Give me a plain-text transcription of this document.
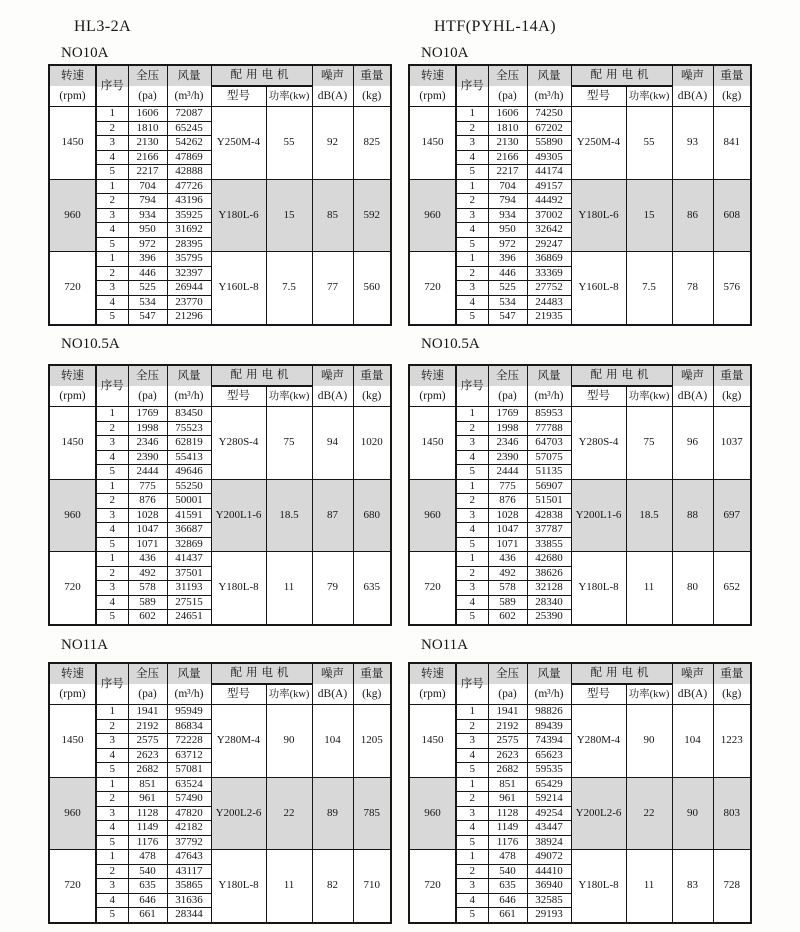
HL3-2A
NO10A
转速	序号	全压	风量	配用电机		噪声	重量
(rpm)		(pa)	(m³/h)	型号	功率(kw)	dB(A)	(kg)
1450	1	1606	72087	Y250M-4	55	92	825
	2	1810	65245				
	3	2130	54262				
	4	2166	47869				
	5	2217	42888				
960	1	704	47726	Y180L-6	15	85	592
	2	794	43196				
	3	934	35925				
	4	950	31692				
	5	972	28395				
720	1	396	35795	Y160L-8	7.5	77	560
	2	446	32397				
	3	525	26944				
	4	534	23770				
	5	547	21296				
NO10.5A
转速	序号	全压	风量	配用电机		噪声	重量
(rpm)		(pa)	(m³/h)	型号	功率(kw)	dB(A)	(kg)
1450	1	1769	83450	Y280S-4	75	94	1020
	2	1998	75523				
	3	2346	62819				
	4	2390	55413				
	5	2444	49646				
960	1	775	55250	Y200L1-6	18.5	87	680
	2	876	50001				
	3	1028	41591				
	4	1047	36687				
	5	1071	32869				
720	1	436	41437	Y180L-8	11	79	635
	2	492	37501				
	3	578	31193				
	4	589	27515				
	5	602	24651				
NO11A
转速	序号	全压	风量	配用电机		噪声	重量
(rpm)		(pa)	(m³/h)	型号	功率(kw)	dB(A)	(kg)
1450	1	1941	95949	Y280M-4	90	104	1205
	2	2192	86834				
	3	2575	72228				
	4	2623	63712				
	5	2682	57081				
960	1	851	63524	Y200L2-6	22	89	785
	2	961	57490				
	3	1128	47820				
	4	1149	42182				
	5	1176	37792				
720	1	478	47643	Y180L-8	11	82	710
	2	540	43117				
	3	635	35865				
	4	646	31636				
	5	661	28344				
HTF(PYHL-14A)
NO10A
转速	序号	全压	风量	配用电机		噪声	重量
(rpm)		(pa)	(m³/h)	型号	功率(kw)	dB(A)	(kg)
1450	1	1606	74250	Y250M-4	55	93	841
	2	1810	67202				
	3	2130	55890				
	4	2166	49305				
	5	2217	44174				
960	1	704	49157	Y180L-6	15	86	608
	2	794	44492				
	3	934	37002				
	4	950	32642				
	5	972	29247				
720	1	396	36869	Y160L-8	7.5	78	576
	2	446	33369				
	3	525	27752				
	4	534	24483				
	5	547	21935				
NO10.5A
转速	序号	全压	风量	配用电机		噪声	重量
(rpm)		(pa)	(m³/h)	型号	功率(kw)	dB(A)	(kg)
1450	1	1769	85953	Y280S-4	75	96	1037
	2	1998	77788				
	3	2346	64703				
	4	2390	57075				
	5	2444	51135				
960	1	775	56907	Y200L1-6	18.5	88	697
	2	876	51501				
	3	1028	42838				
	4	1047	37787				
	5	1071	33855				
720	1	436	42680	Y180L-8	11	80	652
	2	492	38626				
	3	578	32128				
	4	589	28340				
	5	602	25390				
NO11A
转速	序号	全压	风量	配用电机		噪声	重量
(rpm)		(pa)	(m³/h)	型号	功率(kw)	dB(A)	(kg)
1450	1	1941	98826	Y280M-4	90	104	1223
	2	2192	89439				
	3	2575	74394				
	4	2623	65623				
	5	2682	59535				
960	1	851	65429	Y200L2-6	22	90	803
	2	961	59214				
	3	1128	49254				
	4	1149	43447				
	5	1176	38924				
720	1	478	49072	Y180L-8	11	83	728
	2	540	44410				
	3	635	36940				
	4	646	32585				
	5	661	29193				
